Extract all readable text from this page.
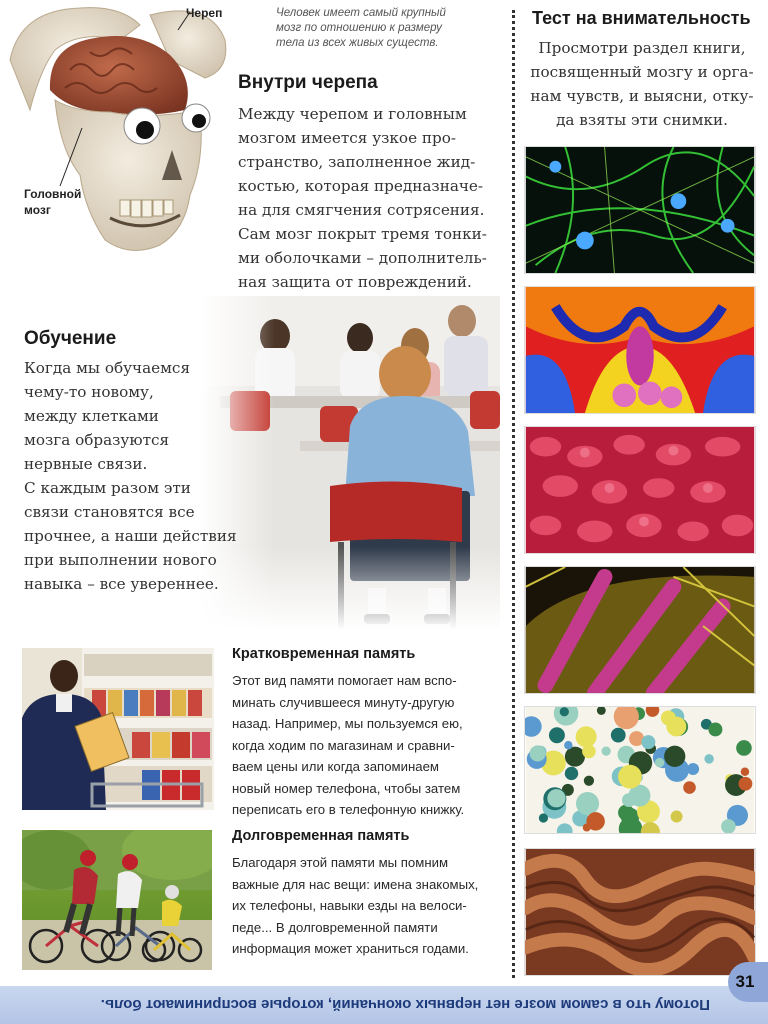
Череп
Головной
мозг
Человек имеет самый крупный
мозг по отношению к размеру
тела из всех живых существ.
Внутри черепа
Между черепом и головным
мозгом имеется узкое про-
странство, заполненное жид-
костью, которая предназначе-
на для смягчения сотрясения.
Сам мозг покрыт тремя тонки-
ми оболочками – дополнитель-
ная защита от повреждений.
Обучение
Когда мы обучаемся
чему-то новому,
между клетками
мозга образуются
нервные связи.
С каждым разом эти
связи становятся все
прочнее, а наши действия
при выполнении нового
навыка – все увереннее.
Кратковременная память
Этот вид памяти помогает нам вспо-
минать случившееся минуту-другую
назад. Например, мы пользуемся ею,
когда ходим по магазинам и сравни-
ваем цены или когда запоминаем
новый номер телефона, чтобы затем
переписать его в телефонную книжку.
Долговременная память
Благодаря этой памяти мы помним
важные для нас вещи: имена знакомых,
их телефоны, навыки езды на велоси-
педе... В долговременной памяти
информация может храниться годами.
Тест на внимательность
Просмотри раздел книги,
посвященный мозгу и орга-
нам чувств, и выясни, отку-
да взяты эти снимки.
Потому что в самом мозге нет нервных окончаний, которые воспринимают боль.
31
